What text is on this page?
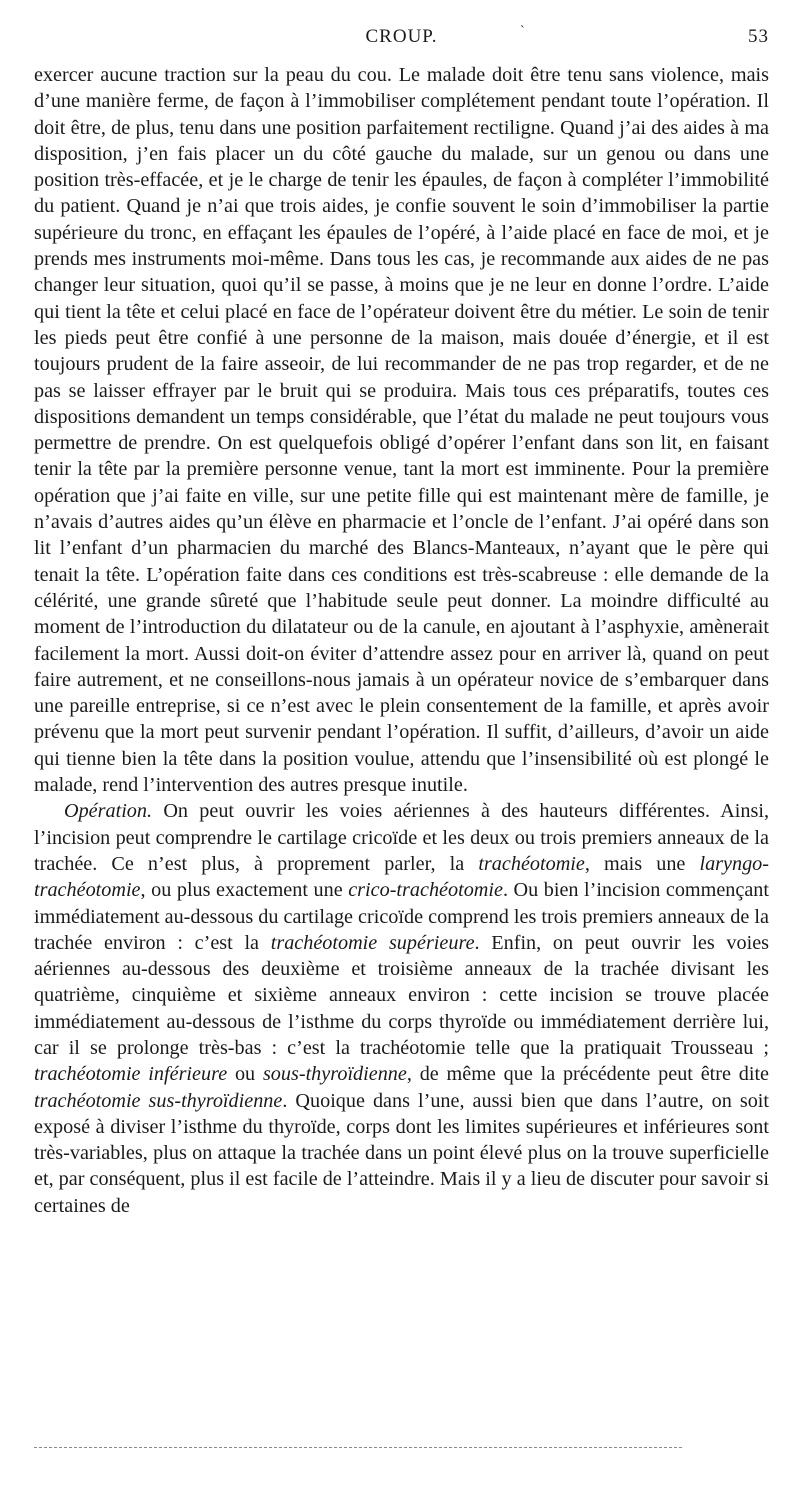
CROUP.	`	53

exercer aucune traction sur la peau du cou. Le malade doit être tenu sans violence, mais d’une manière ferme, de façon à l’immobiliser complétement pendant toute l’opération. Il doit être, de plus, tenu dans une position parfaitement rectiligne. Quand j’ai des aides à ma disposition, j’en fais placer un du côté gauche du malade, sur un genou ou dans une position très-effacée, et je le charge de tenir les épaules, de façon à compléter l’immobilité du patient. Quand je n’ai que trois aides, je confie souvent le soin d’immobiliser la partie supérieure du tronc, en effaçant les épaules de l’opéré, à l’aide placé en face de moi, et je prends mes instruments moi-même. Dans tous les cas, je recommande aux aides de ne pas changer leur situation, quoi qu’il se passe, à moins que je ne leur en donne l’ordre. L’aide qui tient la tête et celui placé en face de l’opérateur doivent être du métier. Le soin de tenir les pieds peut être confié à une personne de la maison, mais douée d’énergie, et il est toujours prudent de la faire asseoir, de lui recommander de ne pas trop regarder, et de ne pas se laisser effrayer par le bruit qui se produira. Mais tous ces préparatifs, toutes ces dispositions demandent un temps considérable, que l’état du malade ne peut toujours vous permettre de prendre. On est quelquefois obligé d’opérer l’enfant dans son lit, en faisant tenir la tête par la première personne venue, tant la mort est imminente. Pour la première opération que j’ai faite en ville, sur une petite fille qui est maintenant mère de famille, je n’avais d’autres aides qu’un élève en pharmacie et l’oncle de l’enfant. J’ai opéré dans son lit l’enfant d’un pharmacien du marché des Blancs-Manteaux, n’ayant que le père qui tenait la tête. L’opération faite dans ces conditions est très-scabreuse : elle demande de la célérité, une grande sûreté que l’habitude seule peut donner. La moindre difficulté au moment de l’introduction du dilatateur ou de la canule, en ajoutant à l’asphyxie, amènerait facilement la mort. Aussi doit-on éviter d’attendre assez pour en arriver là, quand on peut faire autrement, et ne conseillons-nous jamais à un opérateur novice de s’embarquer dans une pareille entreprise, si ce n’est avec le plein consentement de la famille, et après avoir prévenu que la mort peut survenir pendant l’opération. Il suffit, d’ailleurs, d’avoir un aide qui tienne bien la tête dans la position voulue, attendu que l’insensibilité où est plongé le malade, rend l’intervention des autres presque inutile.

Opération. On peut ouvrir les voies aériennes à des hauteurs différentes. Ainsi, l’incision peut comprendre le cartilage cricoïde et les deux ou trois premiers anneaux de la trachée. Ce n’est plus, à proprement parler, la trachéotomie, mais une laryngo-trachéotomie, ou plus exactement une crico-trachéotomie. Ou bien l’incision commençant immédiatement au-dessous du cartilage cricoïde comprend les trois premiers anneaux de la trachée environ : c’est la trachéotomie supérieure. Enfin, on peut ouvrir les voies aériennes au-dessous des deuxième et troisième anneaux de la trachée divisant les quatrième, cinquième et sixième anneaux environ : cette incision se trouve placée immédiatement au-dessous de l’isthme du corps thyroïde ou immédiatement derrière lui, car il se prolonge très-bas : c’est la trachéotomie telle que la pratiquait Trousseau ; trachéotomie inférieure ou sous-thyroïdienne, de même que la précédente peut être dite trachéotomie sus-thyroïdienne. Quoique dans l’une, aussi bien que dans l’autre, on soit exposé à diviser l’isthme du thyroïde, corps dont les limites supérieures et inférieures sont très-variables, plus on attaque la trachée dans un point élevé plus on la trouve superficielle et, par conséquent, plus il est facile de l’atteindre. Mais il y a lieu de discuter pour savoir si certaines de
